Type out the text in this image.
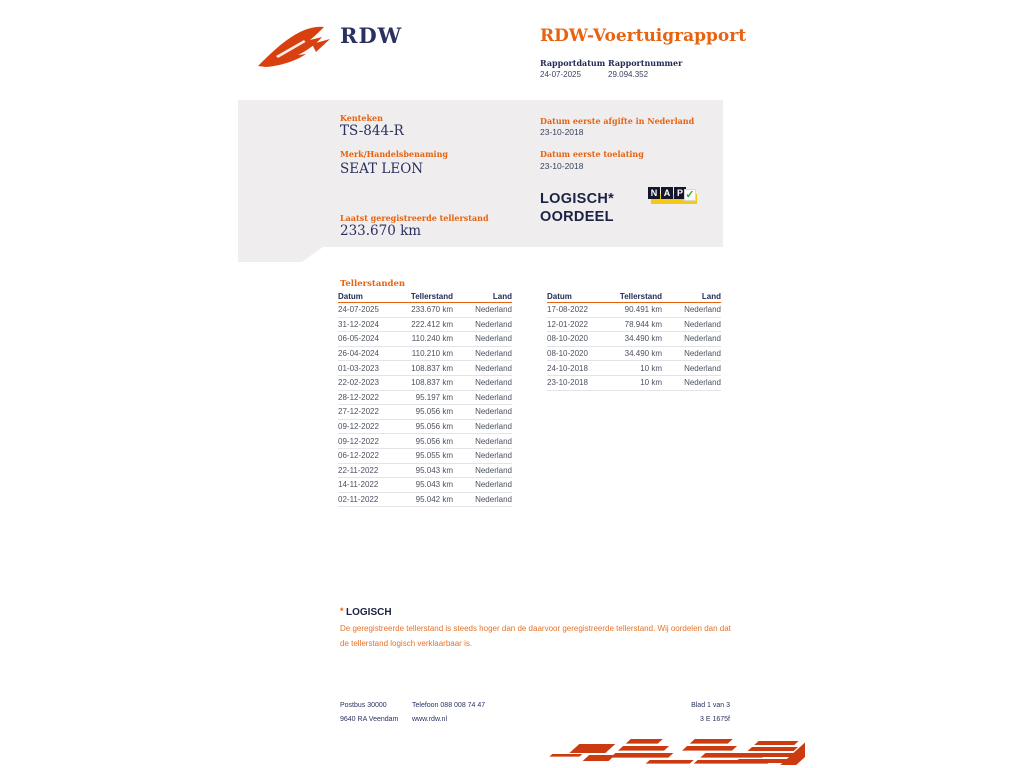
RDW	RDW-Voertuigrapport
Rapportdatum
24-07-2025
Rapportnummer
29.094.352
Kenteken
TS-844-R
Merk/Handelsbenaming
SEAT LEON
Laatst geregistreerde tellerstand
233.670 km
Datum eerste afgifte in Nederland
23-10-2018
Datum eerste toelating
23-10-2018
LOGISCH*
OORDEEL
N A P ✓
Tellerstanden
Datum	Tellerstand	Land
24-07-2025	233.670 km	Nederland
31-12-2024	222.412 km	Nederland
06-05-2024	110.240 km	Nederland
26-04-2024	110.210 km	Nederland
01-03-2023	108.837 km	Nederland
22-02-2023	108.837 km	Nederland
28-12-2022	95.197 km	Nederland
27-12-2022	95.056 km	Nederland
09-12-2022	95.056 km	Nederland
09-12-2022	95.056 km	Nederland
06-12-2022	95.055 km	Nederland
22-11-2022	95.043 km	Nederland
14-11-2022	95.043 km	Nederland
02-11-2022	95.042 km	Nederland
Datum	Tellerstand	Land
17-08-2022	90.491 km	Nederland
12-01-2022	78.944 km	Nederland
08-10-2020	34.490 km	Nederland
08-10-2020	34.490 km	Nederland
24-10-2018	10 km	Nederland
23-10-2018	10 km	Nederland
* LOGISCH
De geregistreerde tellerstand is steeds hoger dan de daarvoor geregistreerde tellerstand. Wij oordelen dan dat de tellerstand logisch verklaarbaar is.
Postbus 30000
9640 RA Veendam
Telefoon 088 008 74 47
www.rdw.nl
Blad 1 van 3
3 E 1675f
